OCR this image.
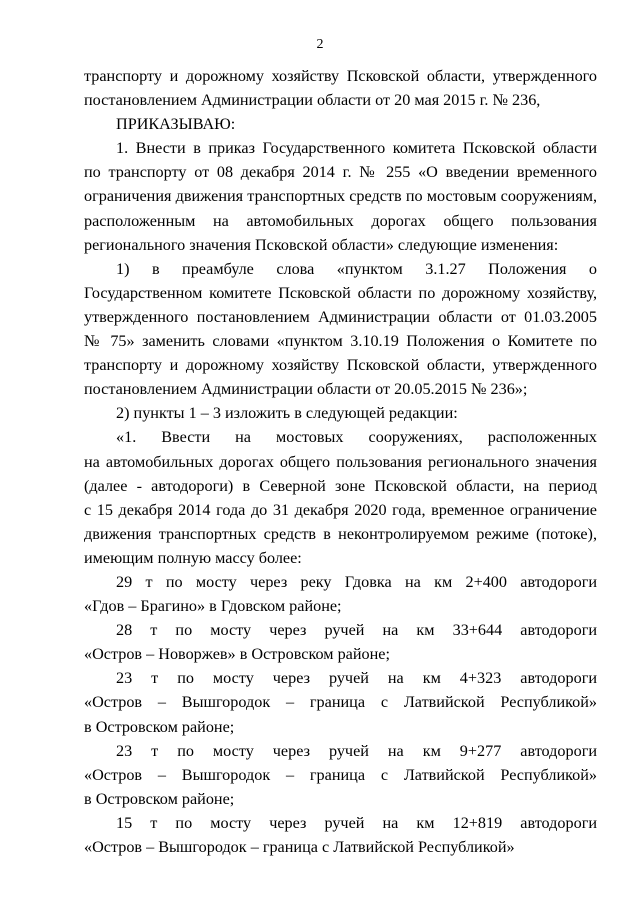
2
транспорту и дорожному хозяйству Псковской области, утвержденного
постановлением Администрации области от 20 мая 2015 г. № 236,
ПРИКАЗЫВАЮ:
1. Внести в приказ Государственного комитета Псковской области
по транспорту от 08 декабря 2014 г. № 255 «О введении временного
ограничения движения транспортных средств по мостовым сооружениям,
расположенным на автомобильных дорогах общего пользования
регионального значения Псковской области» следующие изменения:
1) в преамбуле слова «пунктом 3.1.27 Положения о
Государственном комитете Псковской области по дорожному хозяйству,
утвержденного постановлением Администрации области от 01.03.2005
№ 75» заменить словами «пунктом 3.10.19 Положения о Комитете по
транспорту и дорожному хозяйству Псковской области, утвержденного
постановлением Администрации области от 20.05.2015 № 236»;
2) пункты 1 – 3 изложить в следующей редакции:
«1. Ввести на мостовых сооружениях, расположенных
на автомобильных дорогах общего пользования регионального значения
(далее - автодороги) в Северной зоне Псковской области, на период
с 15 декабря 2014 года до 31 декабря 2020 года, временное ограничение
движения транспортных средств в неконтролируемом режиме (потоке),
имеющим полную массу более:
29 т по мосту через реку Гдовка на км 2+400 автодороги
«Гдов – Брагино» в Гдовском районе;
28 т по мосту через ручей на км 33+644 автодороги
«Остров – Новоржев» в Островском районе;
23 т по мосту через ручей на км 4+323 автодороги
«Остров – Вышгородок – граница с Латвийской Республикой»
в Островском районе;
23 т по мосту через ручей на км 9+277 автодороги
«Остров – Вышгородок – граница с Латвийской Республикой»
в Островском районе;
15 т по мосту через ручей на км 12+819 автодороги
«Остров – Вышгородок – граница с Латвийской Республикой»
